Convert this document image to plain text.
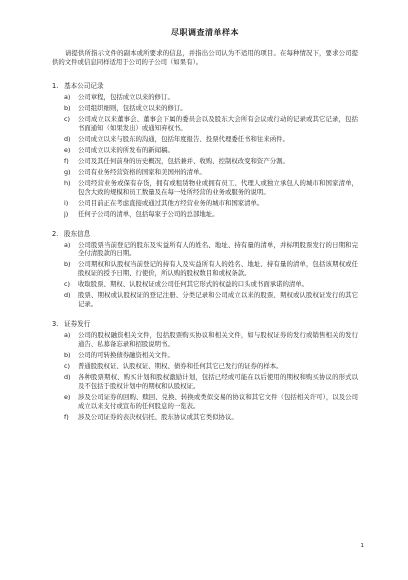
尽职调查清单样本

请提供所指示文件的副本或所要求的信息，并指出公司认为不适用的项目。在每种情况下，要求公司提供的文件或信息同样适用于公司的子公司（如果有）。

1. 基本公司记录
a)	公司章程，包括成立以来的修订。
b)	公司组织细则，包括成立以来的修订。
c)	公司成立以来董事会、董事会下属的委员会以及股东大会所有会议或行动的记录或其它记录，包括书面通知（如果发出）或通知弃权书。
d)	公司成立以来与股东的沟通，包括年度报告、投票代理委任书和往来函件。
e)	公司成立以来的所发布的新闻稿。
f)	公司及其任何前身的历史概况，包括兼并、收购、控制权改变和资产分割。
g)	公司有业务经营资格的国家和美国州的清单。
h)	公司经营业务或保有存货，拥有或租赁物业或拥有员工、代理人或独立承包人的城市和国家清单，包含大致的规模和员工数量及在每一处所经营的业务或服务的说明。
i)	公司目前正在考虑直接或通过其他方经营业务的城市和国家清单。
j)	任何子公司的清单，包括每家子公司的总部地址。
2. 股东信息
a)	公司股票当前登记的股东及实益所有人的姓名、地址、持有量的清单，并标明股票发行的日期和完全付清股款的日期。
b)	公司期权和认股权当前登记的持有人及实益所有人的姓名、地址、持有量的清单，包括该期权或任股权证的授予日期、行使价，所认购的股权数目和或权条款。
c)	收取股票、期权、认股权证或公司任何其它形式的权益的口头或书面承诺的清单。
d)	股票、期权或认股权证的登记注册、分类记录和公司成立以来的股票、期权或认股权证发行的其它记录。
3. 证券发行
a)	公司的股权融资相关文件，包括股票购买协议和相关文件，如与股权证券的发行或销售相关的发行通告、私募备忘录和招股说明书。
b)	公司的可转换债券融资相关文件。
c)	普通股股权证、认股权证、期权、债券和任何其它已发行的证券的样本。
d)	各种股票期权、购买计划和股权激励计划，包括已经或可能在以后使用的期权和购买协议的形式以及不包括于股权计划中的期权和认股权证。
e)	涉及公司证券的回购、赎回、兑换、转换或类似交易的协议和其它文件（包括相关许可），以及公司成立以来支付或宣布的任何股息的一览表。
f)	涉及公司证券的表决权信托、股东协议或其它类似协议。
1
